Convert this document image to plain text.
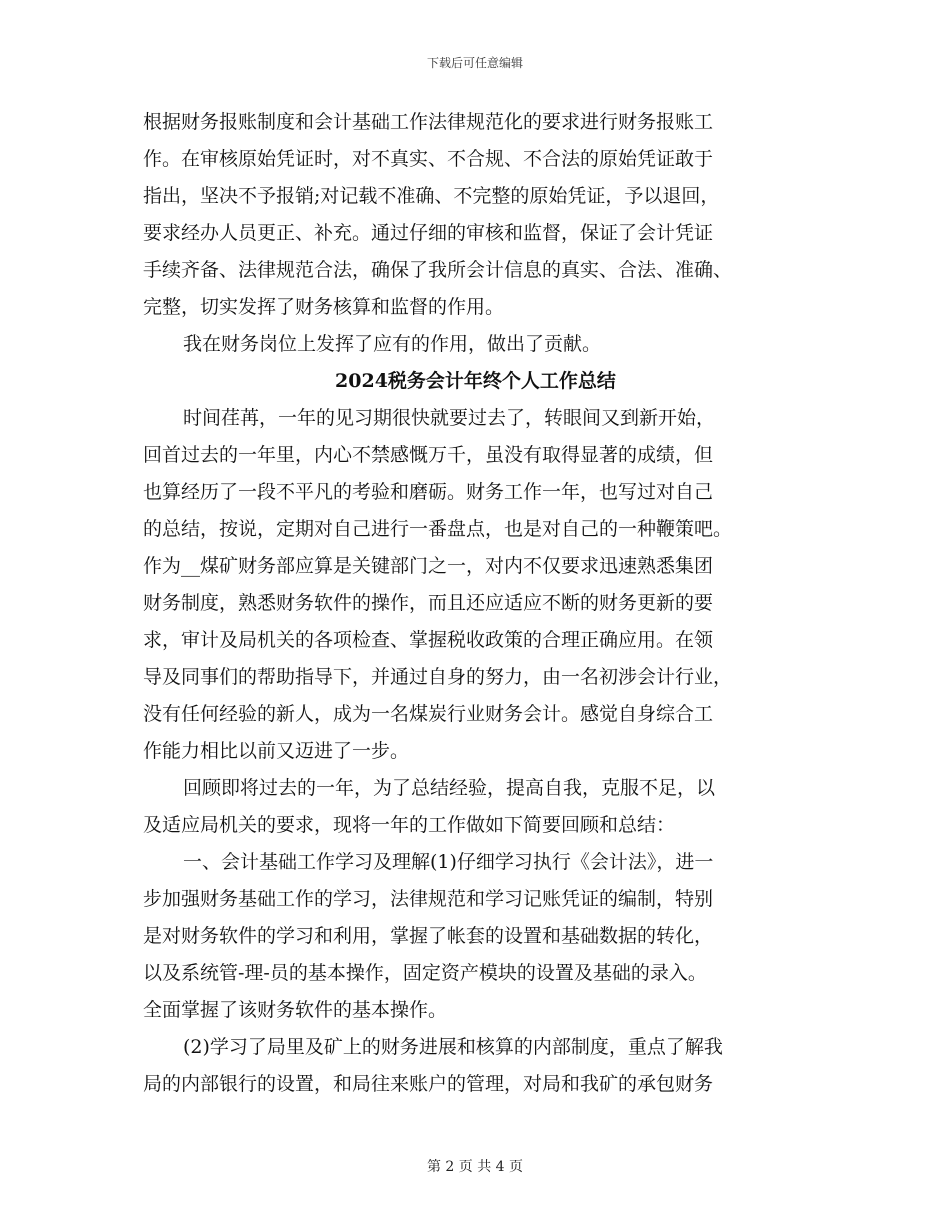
下载后可任意编辑
根据财务报账制度和会计基础工作法律规范化的要求进行财务报账工
作。在审核原始凭证时，对不真实、不合规、不合法的原始凭证敢于
指出，坚决不予报销;对记载不准确、不完整的原始凭证，予以退回，
要求经办人员更正、补充。通过仔细的审核和监督，保证了会计凭证
手续齐备、法律规范合法，确保了我所会计信息的真实、合法、准确、
完整，切实发挥了财务核算和监督的作用。
我在财务岗位上发挥了应有的作用，做出了贡献。
2024税务会计年终个人工作总结
时间荏苒，一年的见习期很快就要过去了，转眼间又到新开始，
回首过去的一年里，内心不禁感慨万千，虽没有取得显著的成绩，但
也算经历了一段不平凡的考验和磨砺。财务工作一年，也写过对自己
的总结，按说，定期对自己进行一番盘点，也是对自己的一种鞭策吧。
作为__煤矿财务部应算是关键部门之一，对内不仅要求迅速熟悉集团
财务制度，熟悉财务软件的操作，而且还应适应不断的财务更新的要
求，审计及局机关的各项检查、掌握税收政策的合理正确应用。在领
导及同事们的帮助指导下，并通过自身的努力，由一名初涉会计行业，
没有任何经验的新人，成为一名煤炭行业财务会计。感觉自身综合工
作能力相比以前又迈进了一步。
回顾即将过去的一年，为了总结经验，提高自我，克服不足，以
及适应局机关的要求，现将一年的工作做如下简要回顾和总结：
一、会计基础工作学习及理解(1)仔细学习执行《会计法》，进一
步加强财务基础工作的学习，法律规范和学习记账凭证的编制，特别
是对财务软件的学习和利用，掌握了帐套的设置和基础数据的转化，
以及系统管-理-员的基本操作，固定资产模块的设置及基础的录入。
全面掌握了该财务软件的基本操作。
(2)学习了局里及矿上的财务进展和核算的内部制度，重点了解我
局的内部银行的设置，和局往来账户的管理，对局和我矿的承包财务
第 2 页 共 4 页
